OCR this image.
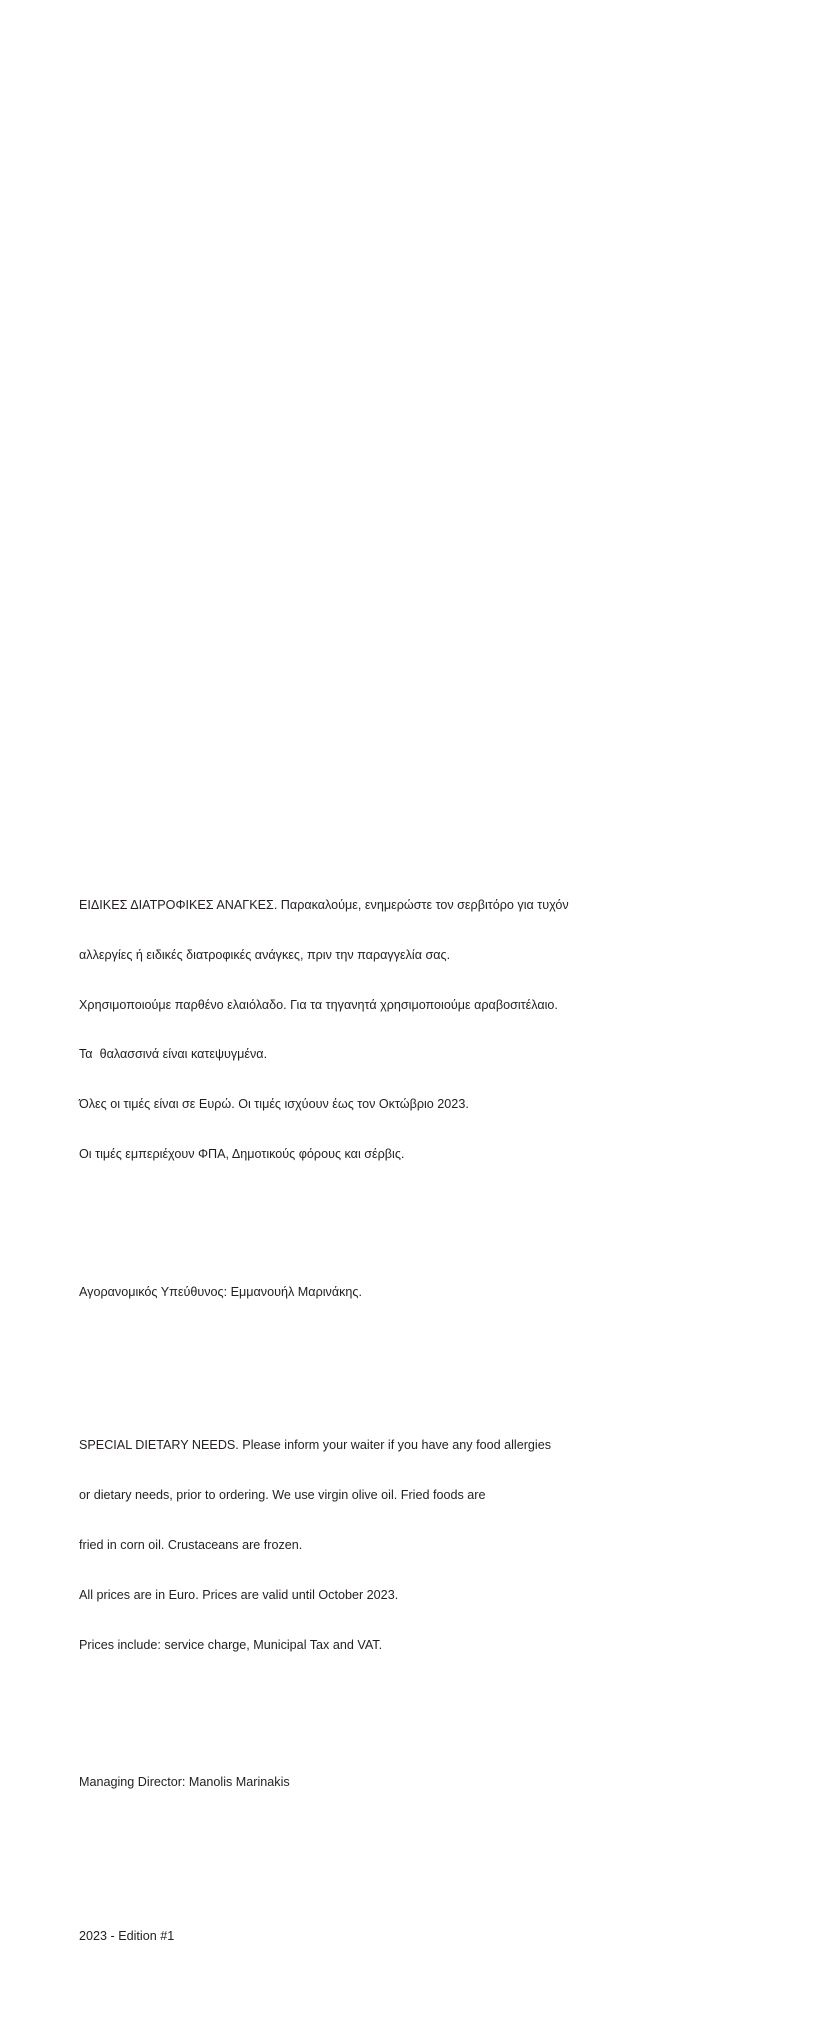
ΕΙΔΙΚΕΣ ΔΙΑΤΡΟΦΙΚΕΣ ΑΝΑΓΚΕΣ. Παρακαλούμε, ενημερώστε τον σερβιτόρο για τυχόν

αλλεργίες ή ειδικές διατροφικές ανάγκες, πριν την παραγγελία σας.

Χρησιμοποιούμε παρθένο ελαιόλαδο. Για τα τηγανητά χρησιμοποιούμε αραβοσιτέλαιο.

Τα  θαλασσινά είναι κατεψυγμένα.

Όλες οι τιμές είναι σε Ευρώ. Οι τιμές ισχύουν έως τον Οκτώβριο 2023.

Οι τιμές εμπεριέχουν ΦΠΑ, Δημοτικούς φόρους και σέρβις.

Αγορανομικός Υπεύθυνος: Εμμανουήλ Μαρινάκης.

SPECIAL DIETARY NEEDS. Please inform your waiter if you have any food allergies

or dietary needs, prior to ordering. We use virgin olive oil. Fried foods are

fried in corn oil. Crustaceans are frozen.

All prices are in Euro. Prices are valid until October 2023.

Prices include: service charge, Municipal Tax and VAT.

Managing Director: Manolis Marinakis

2023 - Edition #1
